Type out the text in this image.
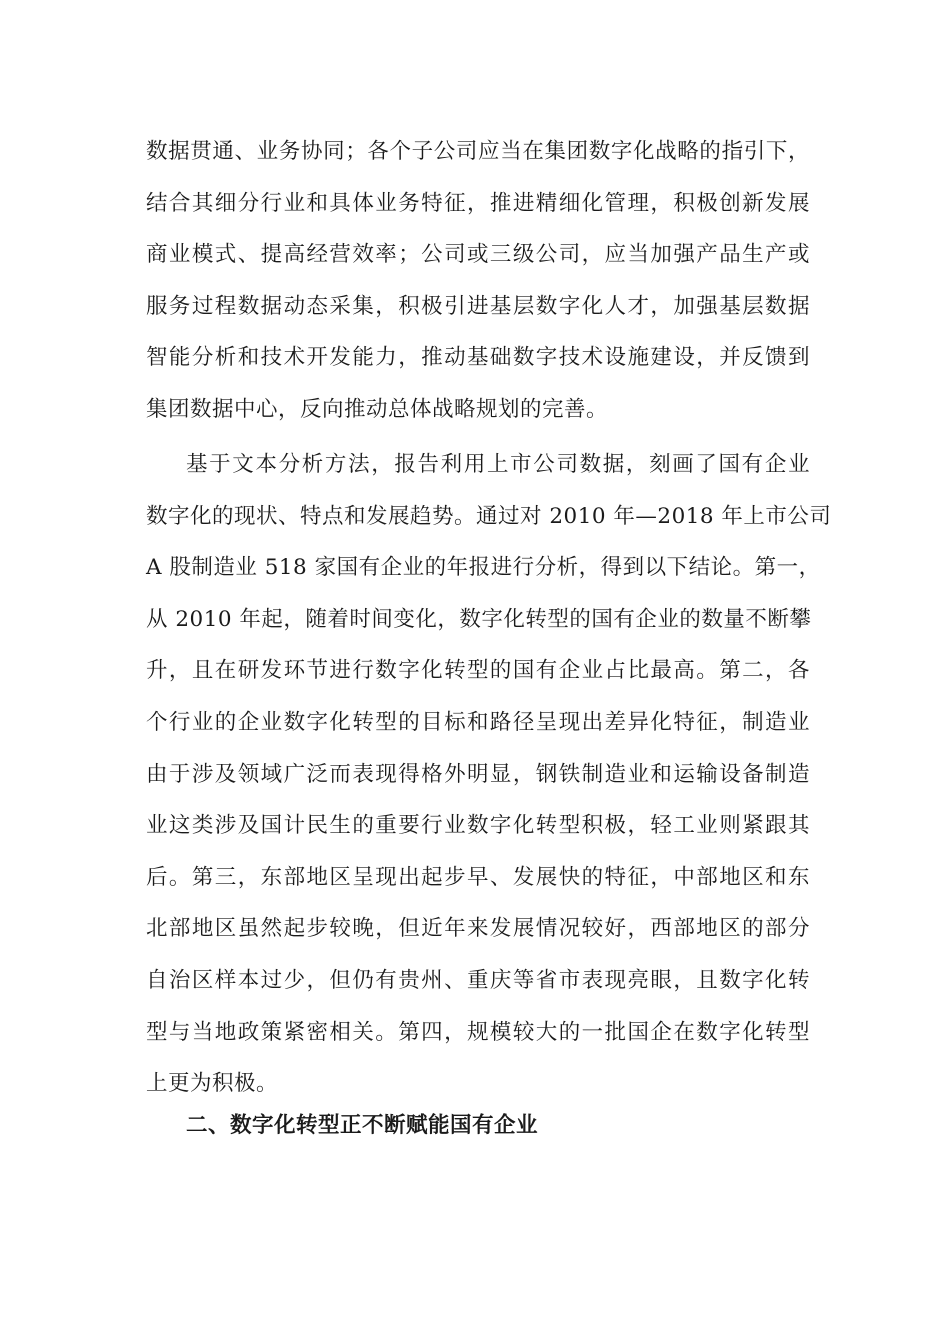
数据贯通、业务协同；各个子公司应当在集团数字化战略的指引下，
结合其细分行业和具体业务特征，推进精细化管理，积极创新发展
商业模式、提高经营效率；公司或三级公司，应当加强产品生产或
服务过程数据动态采集，积极引进基层数字化人才，加强基层数据
智能分析和技术开发能力，推动基础数字技术设施建设，并反馈到
集团数据中心，反向推动总体战略规划的完善。
基于文本分析方法，报告利用上市公司数据，刻画了国有企业
数字化的现状、特点和发展趋势。通过对 2010 年—2018 年上市公司
A 股制造业 518 家国有企业的年报进行分析，得到以下结论。第一，
从 2010 年起，随着时间变化，数字化转型的国有企业的数量不断攀
升，且在研发环节进行数字化转型的国有企业占比最高。第二，各
个行业的企业数字化转型的目标和路径呈现出差异化特征，制造业
由于涉及领域广泛而表现得格外明显，钢铁制造业和运输设备制造
业这类涉及国计民生的重要行业数字化转型积极，轻工业则紧跟其
后。第三，东部地区呈现出起步早、发展快的特征，中部地区和东
北部地区虽然起步较晚，但近年来发展情况较好，西部地区的部分
自治区样本过少，但仍有贵州、重庆等省市表现亮眼，且数字化转
型与当地政策紧密相关。第四，规模较大的一批国企在数字化转型
上更为积极。
二、数字化转型正不断赋能国有企业
